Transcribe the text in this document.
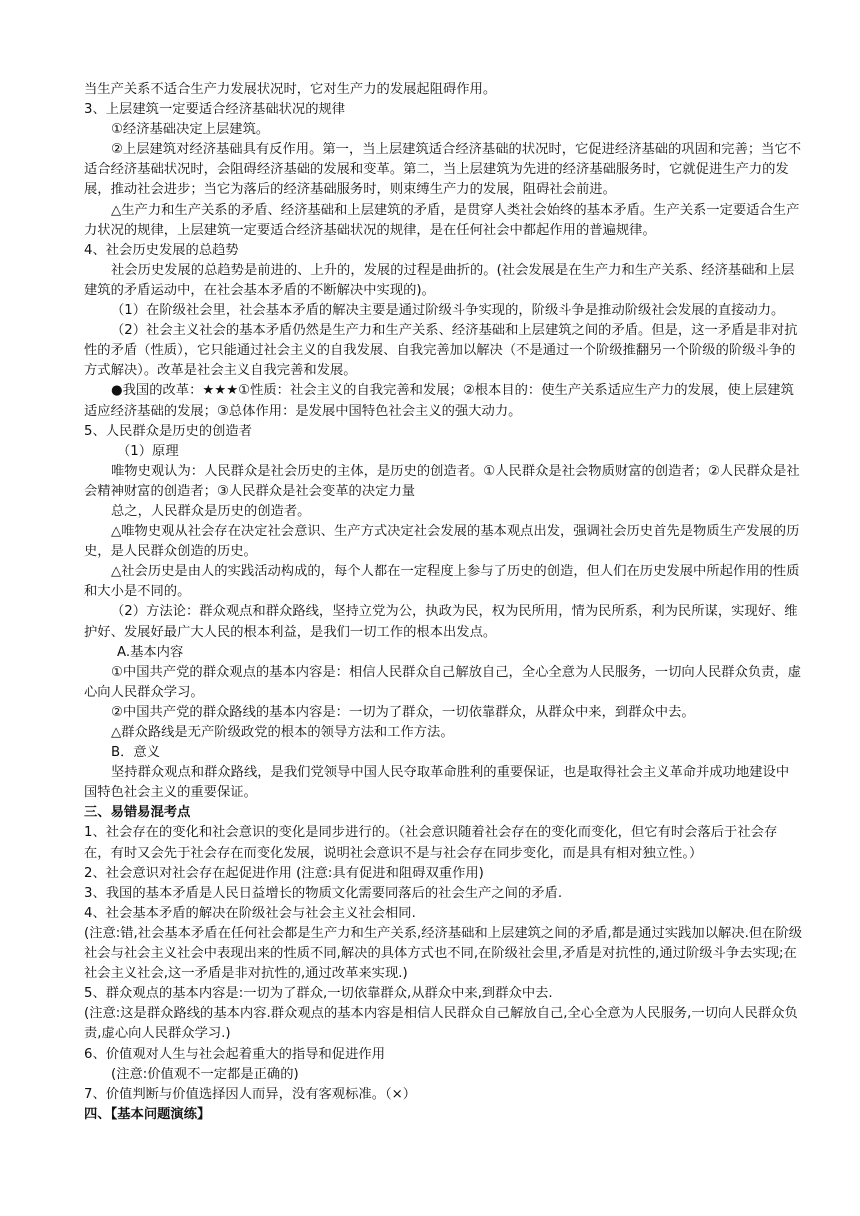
当生产关系不适合生产力发展状况时，它对生产力的发展起阻碍作用。

3、上层建筑一定要适合经济基础状况的规律

①经济基础决定上层建筑。

②上层建筑对经济基础具有反作用。第一，当上层建筑适合经济基础的状况时，它促进经济基础的巩固和完善；当它不适合经济基础状况时，会阻碍经济基础的发展和变革。第二，当上层建筑为先进的经济基础服务时，它就促进生产力的发展，推动社会进步；当它为落后的经济基础服务时，则束缚生产力的发展，阻碍社会前进。

△生产力和生产关系的矛盾、经济基础和上层建筑的矛盾，是贯穿人类社会始终的基本矛盾。生产关系一定要适合生产力状况的规律，上层建筑一定要适合经济基础状况的规律，是在任何社会中都起作用的普遍规律。

4、社会历史发展的总趋势

社会历史发展的总趋势是前进的、上升的，发展的过程是曲折的。(社会发展是在生产力和生产关系、经济基础和上层建筑的矛盾运动中，在社会基本矛盾的不断解决中实现的)。

（1）在阶级社会里，社会基本矛盾的解决主要是通过阶级斗争实现的，阶级斗争是推动阶级社会发展的直接动力。

（2）社会主义社会的基本矛盾仍然是生产力和生产关系、经济基础和上层建筑之间的矛盾。但是，这一矛盾是非对抗性的矛盾（性质），它只能通过社会主义的自我发展、自我完善加以解决（不是通过一个阶级推翻另一个阶级的阶级斗争的方式解决）。改革是社会主义自我完善和发展。

●我国的改革：★★★①性质：社会主义的自我完善和发展；②根本目的：使生产关系适应生产力的发展，使上层建筑适应经济基础的发展；③总体作用：是发展中国特色社会主义的强大动力。

5、人民群众是历史的创造者

（1）原理

唯物史观认为：人民群众是社会历史的主体，是历史的创造者。①人民群众是社会物质财富的创造者；②人民群众是社会精神财富的创造者；③人民群众是社会变革的决定力量

总之，人民群众是历史的创造者。

△唯物史观从社会存在决定社会意识、生产方式决定社会发展的基本观点出发，强调社会历史首先是物质生产发展的历史，是人民群众创造的历史。

△社会历史是由人的实践活动构成的，每个人都在一定程度上参与了历史的创造，但人们在历史发展中所起作用的性质和大小是不同的。

（2）方法论：群众观点和群众路线，坚持立党为公，执政为民，权为民所用，情为民所系，利为民所谋，实现好、维护好、发展好最广大人民的根本利益，是我们一切工作的根本出发点。

A.基本内容

①中国共产党的群众观点的基本内容是：相信人民群众自己解放自己，全心全意为人民服务，一切向人民群众负责，虚心向人民群众学习。

②中国共产党的群众路线的基本内容是：一切为了群众，一切依靠群众，从群众中来，到群众中去。

△群众路线是无产阶级政党的根本的领导方法和工作方法。

B．意义

坚持群众观点和群众路线，是我们党领导中国人民夺取革命胜利的重要保证，也是取得社会主义革命并成功地建设中国特色社会主义的重要保证。

三、易错易混考点

1、社会存在的变化和社会意识的变化是同步进行的。（社会意识随着社会存在的变化而变化，但它有时会落后于社会存在，有时又会先于社会存在而变化发展，说明社会意识不是与社会存在同步变化，而是具有相对独立性。）

2、社会意识对社会存在起促进作用 (注意:具有促进和阻碍双重作用)

3、我国的基本矛盾是人民日益增长的物质文化需要同落后的社会生产之间的矛盾.

4、社会基本矛盾的解决在阶级社会与社会主义社会相同.

(注意:错,社会基本矛盾在任何社会都是生产力和生产关系,经济基础和上层建筑之间的矛盾,都是通过实践加以解决.但在阶级社会与社会主义社会中表现出来的性质不同,解决的具体方式也不同,在阶级社会里,矛盾是对抗性的,通过阶级斗争去实现;在社会主义社会,这一矛盾是非对抗性的,通过改革来实现.)

5、群众观点的基本内容是:一切为了群众,一切依靠群众,从群众中来,到群众中去.

(注意:这是群众路线的基本内容.群众观点的基本内容是相信人民群众自己解放自己,全心全意为人民服务,一切向人民群众负责,虚心向人民群众学习.)

6、价值观对人生与社会起着重大的指导和促进作用

(注意:价值观不一定都是正确的)

7、价值判断与价值选择因人而异，没有客观标准。（×）

四、【基本问题演练】
